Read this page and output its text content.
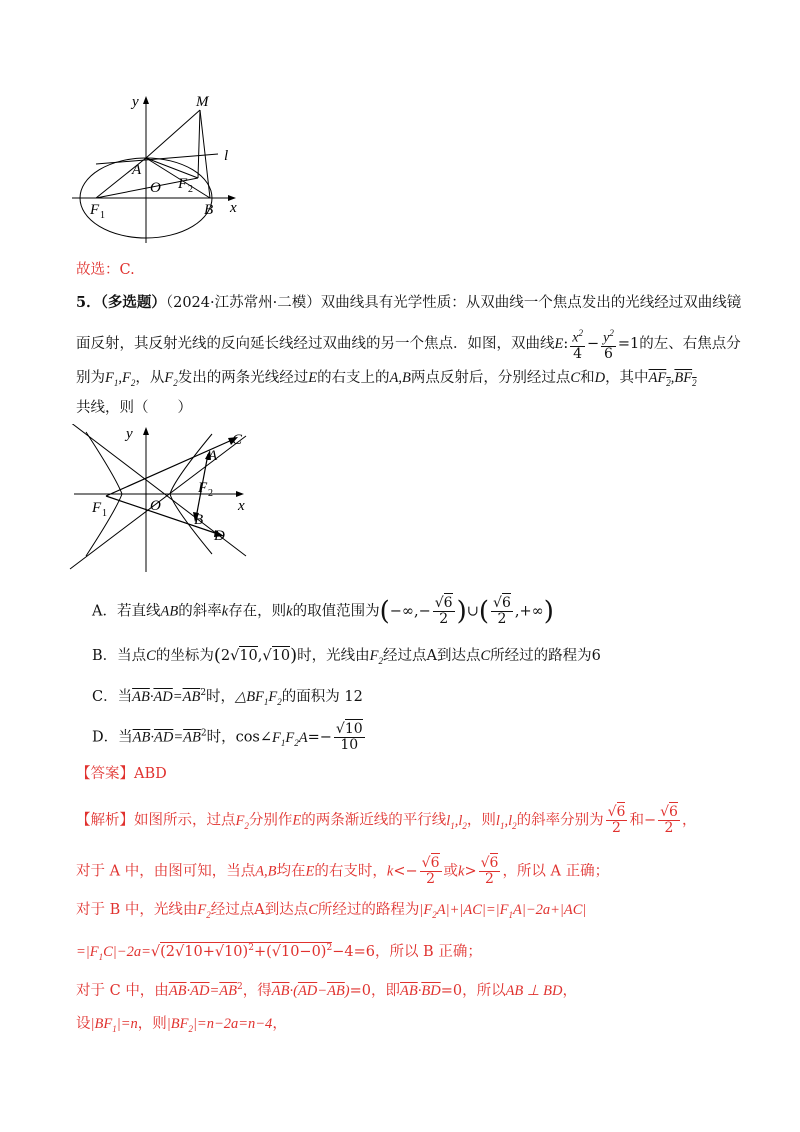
y	M
l
A
O F 2
F 1	B x
故选：C.
5．（多选题）（2024·江苏常州·二模）双曲线具有光学性质：从双曲线一个焦点发出的光线经过双曲线镜
面反射，其反射光线的反向延长线经过双曲线的另一个焦点．如图，双曲线E: $\frac{x^2}{4} - \frac{y^2}{6} =1$的左、右焦点分
别为$F_1,F_2$，从$F_2$发出的两条光线经过E的右支上的A,B两点反射后，分别经过点C和D，其中$AF_2,BF_2$
共线，则（　　）
y	C
A
F 2
F 1	O	x
B
D
A．若直线AB的斜率k存在，则k的取值范围为(−∞,− $\frac{√6}{2}$ )∪( $\frac{√6}{2}$ ,+∞)
B．当点C的坐标为(2√10,√10)时，光线由$F_2$经过点A到达点C所经过的路程为6
C．当$\overline{AB}\cdot\overline{AD}=\overline{AB}^2$时，$\triangle BF_1F_2$的面积为 12
D．当$\overline{AB}\cdot\overline{AD}=\overline{AB}^2$时，$\cos\angle F_1F_2A=- \frac{√10}{10}$
【答案】ABD
【解析】如图所示，过点$F_2$分别作E的两条渐近线的平行线$l_1,l_2$，则$l_1,l_2$的斜率分别为 $\frac{√6}{2}$ 和− $\frac{√6}{2}$ ，
对于 A 中，由图可知，当点A,B均在E的右支时，$k<- \frac{√6}{2}$ 或$k> \frac{√6}{2}$ ，所以 A 正确；
对于 B 中，光线由$F_2$经过点A到达点C所经过的路程为$|F_2A|+|AC|=|F_1A|-2a+|AC|$
$=|F_1C|-2a=√(2√10+√10)^2+(√10-0)^2-4=6$，所以 B 正确；
对于 C 中，由$\overline{AB}\cdot\overline{AD}=\overline{AB}^2$，得$\overline{AB}\cdot(\overline{AD}-\overline{AB})=0$，即$\overline{AB}\cdot\overline{BD}=0$，所以AB ⊥ BD，
设$|BF_1|=n$，则$|BF_2|=n-2a=n-4$，
